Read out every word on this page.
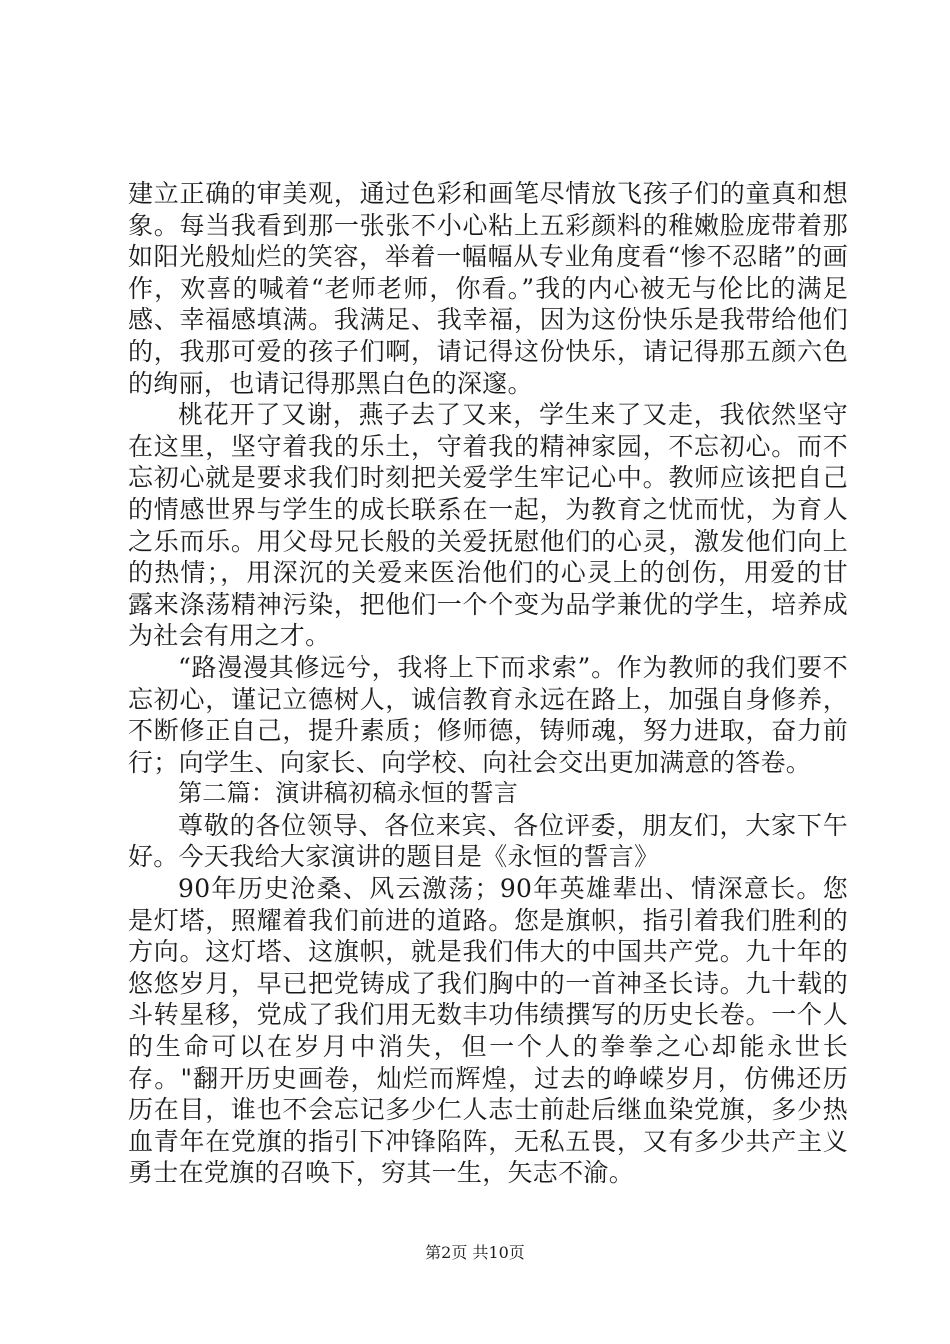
建立正确的审美观，通过色彩和画笔尽情放飞孩子们的童真和想象。每当我看到那一张张不小心粘上五彩颜料的稚嫩脸庞带着那如阳光般灿烂的笑容，举着一幅幅从专业角度看“惨不忍睹”的画作，欢喜的喊着“老师老师，你看。”我的内心被无与伦比的满足感、幸福感填满。我满足、我幸福，因为这份快乐是我带给他们的，我那可爱的孩子们啊，请记得这份快乐，请记得那五颜六色的绚丽，也请记得那黑白色的深邃。

桃花开了又谢，燕子去了又来，学生来了又走，我依然坚守在这里，坚守着我的乐土，守着我的精神家园，不忘初心。而不忘初心就是要求我们时刻把关爱学生牢记心中。教师应该把自己的情感世界与学生的成长联系在一起，为教育之忧而忧，为育人之乐而乐。用父母兄长般的关爱抚慰他们的心灵，激发他们向上的热情；，用深沉的关爱来医治他们的心灵上的创伤，用爱的甘露来涤荡精神污染，把他们一个个变为品学兼优的学生，培养成为社会有用之才。

“路漫漫其修远兮，我将上下而求索”。作为教师的我们要不忘初心，谨记立德树人，诚信教育永远在路上，加强自身修养，不断修正自己，提升素质；修师德，铸师魂，努力进取，奋力前行；向学生、向家长、向学校、向社会交出更加满意的答卷。

第二篇：演讲稿初稿永恒的誓言

尊敬的各位领导、各位来宾、各位评委，朋友们，大家下午好。今天我给大家演讲的题目是《永恒的誓言》

90年历史沧桑、风云激荡；90年英雄辈出、情深意长。您是灯塔，照耀着我们前进的道路。您是旗帜，指引着我们胜利的方向。这灯塔、这旗帜，就是我们伟大的中国共产党。九十年的悠悠岁月，早已把党铸成了我们胸中的一首神圣长诗。九十载的斗转星移，党成了我们用无数丰功伟绩撰写的历史长卷。一个人的生命可以在岁月中消失，但一个人的拳拳之心却能永世长存。"翻开历史画卷，灿烂而辉煌，过去的峥嵘岁月，仿佛还历历在目，谁也不会忘记多少仁人志士前赴后继血染党旗，多少热血青年在党旗的指引下冲锋陷阵，无私五畏，又有多少共产主义勇士在党旗的召唤下，穷其一生，矢志不渝。

第2页 共10页
